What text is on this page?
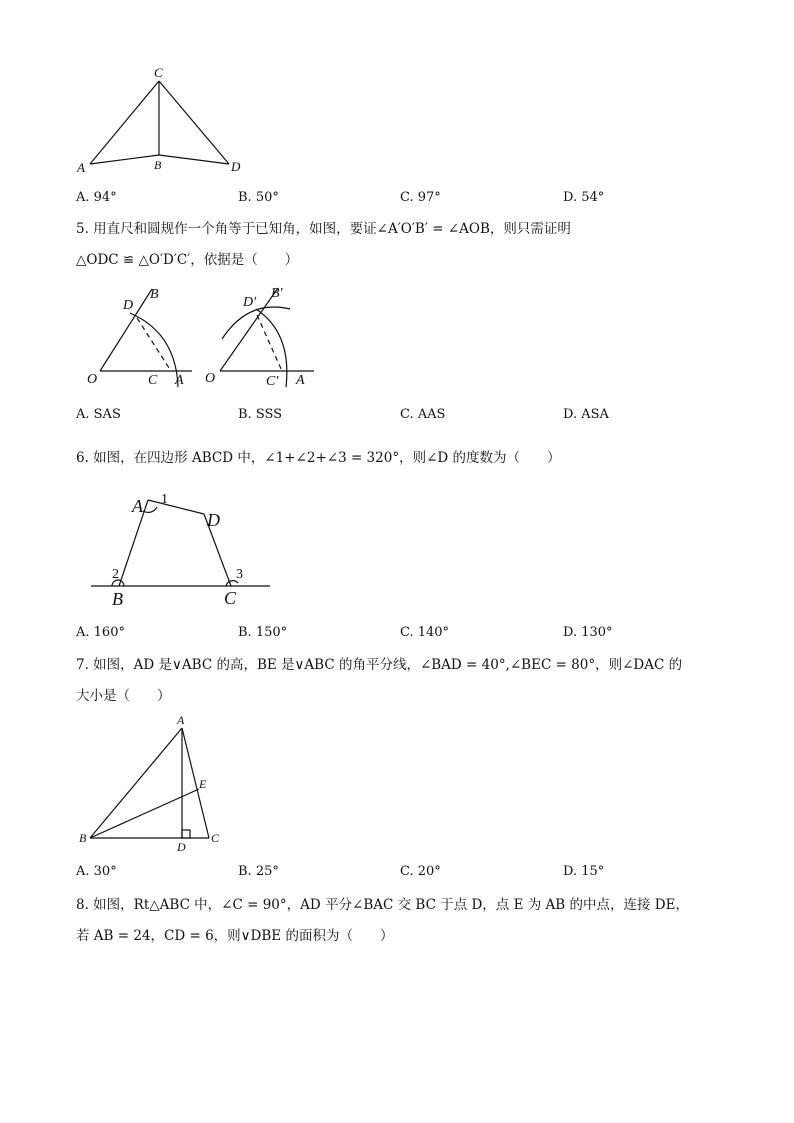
C
A	B	D
A. 94°	B. 50°	C. 97°	D. 54°
5. 用直尺和圆规作一个角等于已知角，如图，要证∠A′O′B′ = ∠AOB，则只需证明
△ODC ≌ △O′D′C′，依据是（　　）
D
B
O	C A
D′
B′
O	C′ A
A. SAS	B. SSS	C. AAS	D. ASA
6. 如图，在四边形 ABCD 中，∠1+∠2+∠3 = 320°，则∠D 的度数为（　　）
A 1
D
2	3
B	C
A. 160°	B. 150°	C. 140°	D. 130°
7. 如图，AD 是∨ABC 的高，BE 是∨ABC 的角平分线，∠BAD = 40°,∠BEC = 80°，则∠DAC 的
大小是（　　）
A
E
B
D
C
A. 30°	B. 25°	C. 20°	D. 15°
8. 如图，Rt△ABC 中，∠C = 90°，AD 平分∠BAC 交 BC 于点 D，点 E 为 AB 的中点，连接 DE，
若 AB = 24，CD = 6，则∨DBE 的面积为（　　）
